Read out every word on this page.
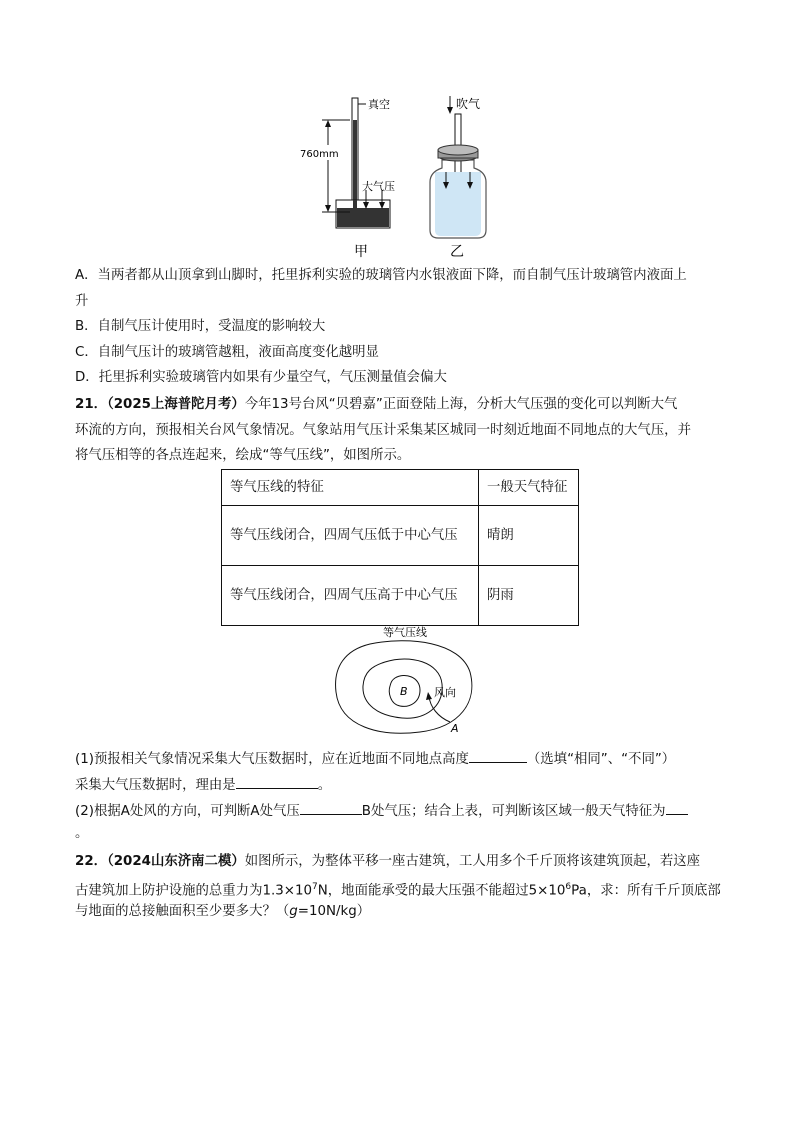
真空
760mm
大气压
甲
吹气
乙
A．当两者都从山顶拿到山脚时，托里拆利实验的玻璃管内水银液面下降，而自制气压计玻璃管内液面上
升
B．自制气压计使用时，受温度的影响较大
C．自制气压计的玻璃管越粗，液面高度变化越明显
D．托里拆利实验玻璃管内如果有少量空气，气压测量值会偏大
21．（2025上海普陀月考）今年13号台风“贝碧嘉”正面登陆上海，分析大气压强的变化可以判断大气
环流的方向，预报相关台风气象情况。气象站用气压计采集某区城同一时刻近地面不同地点的大气压，并
将气压相等的各点连起来，绘成“等气压线”，如图所示。
等气压线的特征	一般天气特征
等气压线闭合，四周气压低于中心气压	晴朗
等气压线闭合，四周气压高于中心气压	阴雨
等气压线
B 风向
A
(1)预报相关气象情况采集大气压数据时，应在近地面不同地点高度	（选填“相同”、“不同”）
采集大气压数据时，理由是	。
(2)根据A处风的方向，可判断A处气压	B处气压；结合上表，可判断该区域一般天气特征为
。
22．（2024山东济南二模）如图所示，为整体平移一座古建筑，工人用多个千斤顶将该建筑顶起，若这座
古建筑加上防护设施的总重力为$1.3\times 10^7N$，地面能承受的最大压强不能超过$5\times 10^6Pa$，求：所有千斤顶底部
与地面的总接触面积至少要多大？（g=10N/kg）
